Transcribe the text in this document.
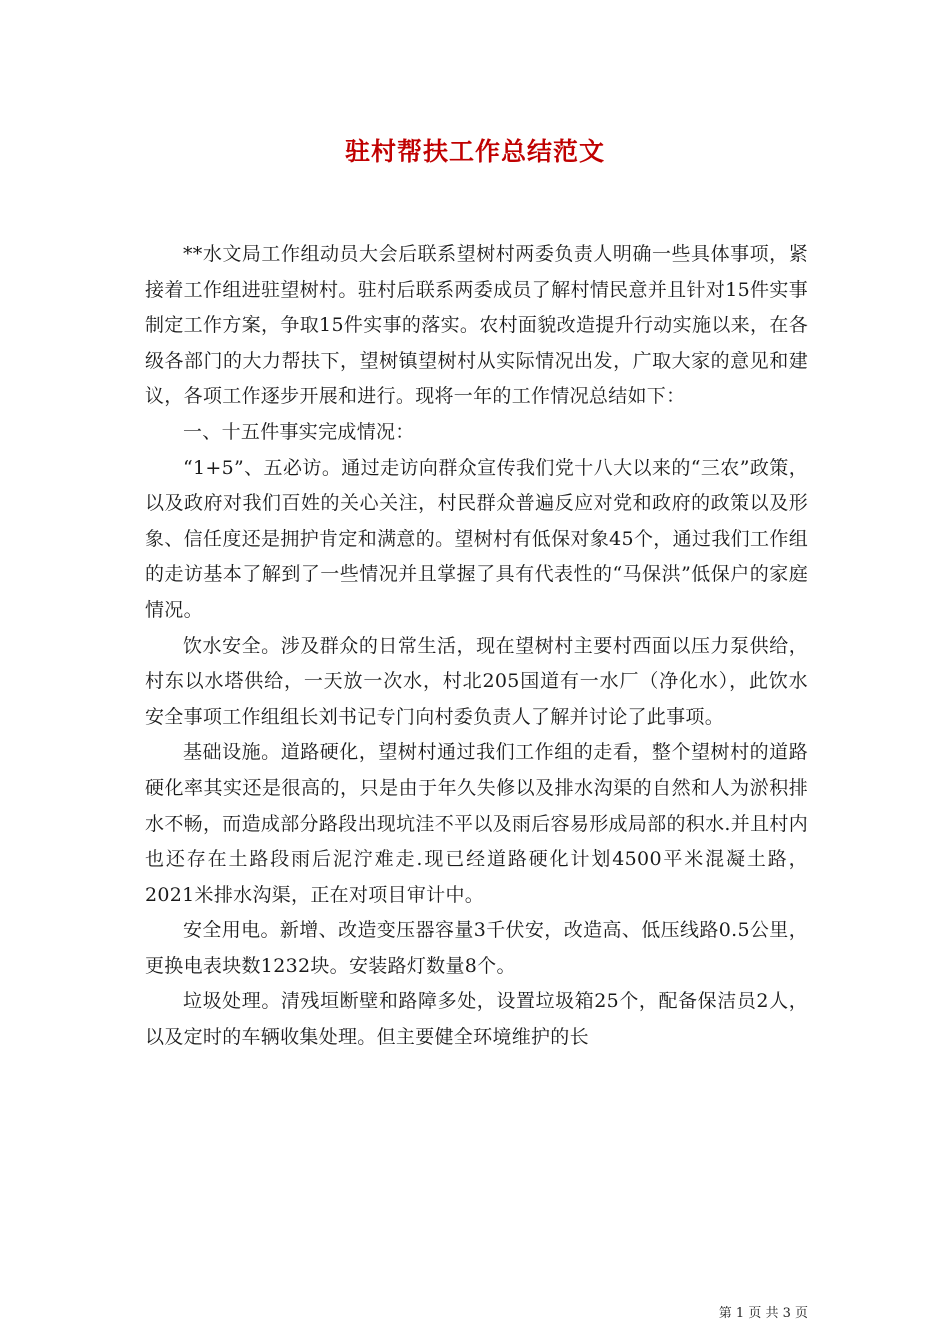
驻村帮扶工作总结范文

**水文局工作组动员大会后联系望树村两委负责人明确一些具体事项，紧接着工作组进驻望树村。驻村后联系两委成员了解村情民意并且针对15件实事制定工作方案，争取15件实事的落实。农村面貌改造提升行动实施以来，在各级各部门的大力帮扶下，望树镇望树村从实际情况出发，广取大家的意见和建议，各项工作逐步开展和进行。现将一年的工作情况总结如下：

一、十五件事实完成情况：

“1+5”、五必访。通过走访向群众宣传我们党十八大以来的“三农”政策，以及政府对我们百姓的关心关注，村民群众普遍反应对党和政府的政策以及形象、信任度还是拥护肯定和满意的。望树村有低保对象45个，通过我们工作组的走访基本了解到了一些情况并且掌握了具有代表性的“马保洪”低保户的家庭情况。

饮水安全。涉及群众的日常生活，现在望树村主要村西面以压力泵供给，村东以水塔供给，一天放一次水，村北205国道有一水厂（净化水），此饮水安全事项工作组组长刘书记专门向村委负责人了解并讨论了此事项。

基础设施。道路硬化，望树村通过我们工作组的走看，整个望树村的道路硬化率其实还是很高的，只是由于年久失修以及排水沟渠的自然和人为淤积排水不畅，而造成部分路段出现坑洼不平以及雨后容易形成局部的积水.并且村内也还存在土路段雨后泥泞难走.现已经道路硬化计划4500平米混凝土路，2021米排水沟渠，正在对项目审计中。

安全用电。新增、改造变压器容量3千伏安，改造高、低压线路0.5公里，更换电表块数1232块。安装路灯数量8个。

垃圾处理。清残垣断壁和路障多处，设置垃圾箱25个，配备保洁员2人，以及定时的车辆收集处理。但主要健全环境维护的长

第 1 页 共 3 页
